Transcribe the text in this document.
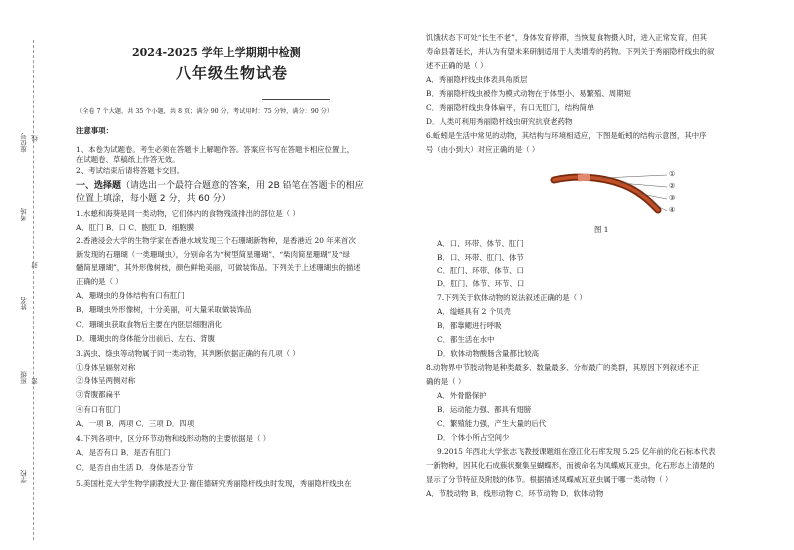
座位号
考场
姓名
班级
学校
线
封
密
2024-2025 学年上学期期中检测
八年级生物试卷
（全卷 7 个大题，共 35 个小题，共 8 页；满分 90 分，考试用时：75 分钟，满分：90 分）
注意事项：
1、本卷为试题卷。考生必须在答题卡上解题作答。答案应书写在答题卡相应位置上，
在试题卷、草稿纸上作答无效。
2、考试结束后请将答题卡交回。
一、选择题（请选出一个最符合题意的答案，用 2B 铅笔在答题卡的相应
位置上填涂，每小题 2 分，共 60 分）
1.水螅和海葵是同一类动物，它们体内的食物残渣排出的部位是（ ）
A．肛门 B．口 C．胞肛 D．细胞膜
2.香港浸会大学的生物学家在香港水域发现三个石珊瑚新物种，是香港近 20 年来首次
新发现的石珊瑚（一类珊瑚虫），分别命名为“树型简星珊瑚”、“柴肉简星珊瑚”及“绿
髓简星珊瑚”，其外形像树枝，颜色鲜艳美丽，可做装饰品。下列关于上述珊瑚虫的描述
正确的是（ ）
A．珊瑚虫的身体结构有口有肛门
B．珊瑚虫外形像树，十分美丽，可大量采取做装饰品
C．珊瑚虫获取食物后主要在内胚层细胞消化
D．珊瑚虫的身体能分出前后、左右、背腹
3.涡虫、绦虫等动物属于同一类动物，其判断依据正确的有几项（ ）
①身体呈辐射对称
②身体呈两侧对称
③背腹都扁平
④有口有肛门
A．一项 B．两项 C．三项 D．四项
4.下列各项中，区分环节动物和线形动物的主要依据是（ ）
A．是否有口 B．是否有肛门
C．是否自由生活 D．身体是否分节
5.美国杜克大学生物学副教授大卫·谢佳德研究秀丽隐杆线虫时发现，秀丽隐杆线虫在
饥饿状态下可处“长生不老”，身体发育停滞，当恢复食物摄入时，进入正常发育，但其
寿命县著延长，并认为有望未来研制适用于人类增寿的药物。下列关于秀丽隐杆线虫的叙
述不正确的是（ ）
A．秀丽隐杆线虫体表具角质层
B．秀丽隐杆线虫被作为模式动物在于体型小、易繁殖、周期短
C．秀丽隐杆线虫身体扁平，有口无肛门，结构简单
D．人类可利用秀丽隐杆线虫研究抗衰老药物
6.蚯蚓是生活中常见的动物，其结构与环境相适应，下图是蚯蚓的结构示意图，其中序
号（由小到大）对应正确的是（ ）
①
②
③
④
图 1
A．口、环带、体节、肛门
B．口、环带、肛门、体节
C．肛门、环带、体节、口
D．肛门、体节、环节、口
7.下列关于软体动物的说法叙述正确的是（ ）
A．缢蛏具有 2 个贝壳
B．都靠鳃进行呼吸
C．都生活在水中
D．软体动物酸肠含量都比较高
8.动物界中节肢动物是种类最多、数量最多、分布最广的类群，其原因下列叙述不正
确的是（ ）
A．外骨骼保护
B．运动能力强、都具有翅膀
C．繁殖能力强，产生大量的后代
D．个体小所占空间少
9.2015 年西北大学张志飞教授课题组在澄江化石库发现 5.25 亿年前的化石标本代表
一新物种，因其化石成蔟状聚集呈蝴蝶形，而被命名为凤蝶威瓦亚虫，化石形态上清楚的
显示了分节特征及附肢的体节。根据描述凤蝶威瓦亚虫属于哪一类动物（ ）
A．节肢动物 B．线形动物 C．环节动物 D．软体动物
